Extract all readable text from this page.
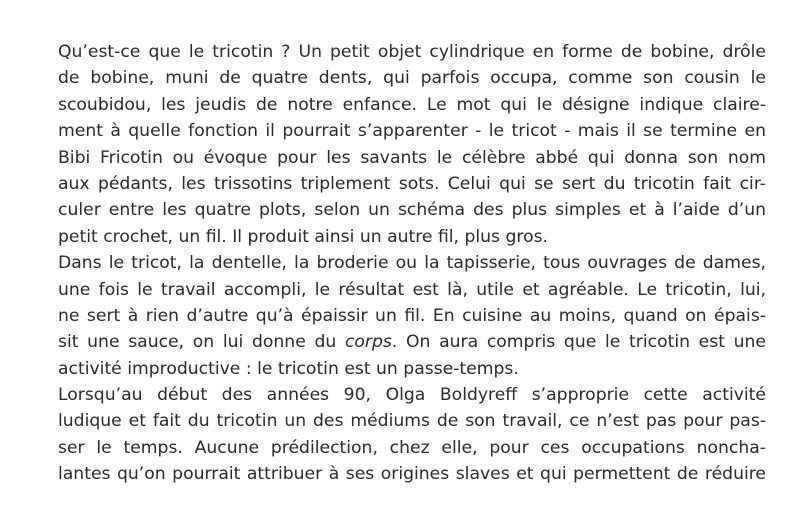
Qu’est-ce que le tricotin ? Un petit objet cylindrique en forme de bobine, drôle
de bobine, muni de quatre dents, qui parfois occupa, comme son cousin le
scoubidou, les jeudis de notre enfance. Le mot qui le désigne indique claire-
ment à quelle fonction il pourrait s’apparenter - le tricot - mais il se termine en
Bibi Fricotin ou évoque pour les savants le célèbre abbé qui donna son nom
aux pédants, les trissotins triplement sots. Celui qui se sert du tricotin fait cir-
culer entre les quatre plots, selon un schéma des plus simples et à l’aide d’un
petit crochet, un fil. Il produit ainsi un autre fil, plus gros.
Dans le tricot, la dentelle, la broderie ou la tapisserie, tous ouvrages de dames,
une fois le travail accompli, le résultat est là, utile et agréable. Le tricotin, lui,
ne sert à rien d’autre qu’à épaissir un fil. En cuisine au moins, quand on épais-
sit une sauce, on lui donne du corps. On aura compris que le tricotin est une
activité improductive : le tricotin est un passe-temps.
Lorsqu’au début des années 90, Olga Boldyreff s’approprie cette activité
ludique et fait du tricotin un des médiums de son travail, ce n’est pas pour pas-
ser le temps. Aucune prédilection, chez elle, pour ces occupations noncha-
lantes qu’on pourrait attribuer à ses origines slaves et qui permettent de réduire
